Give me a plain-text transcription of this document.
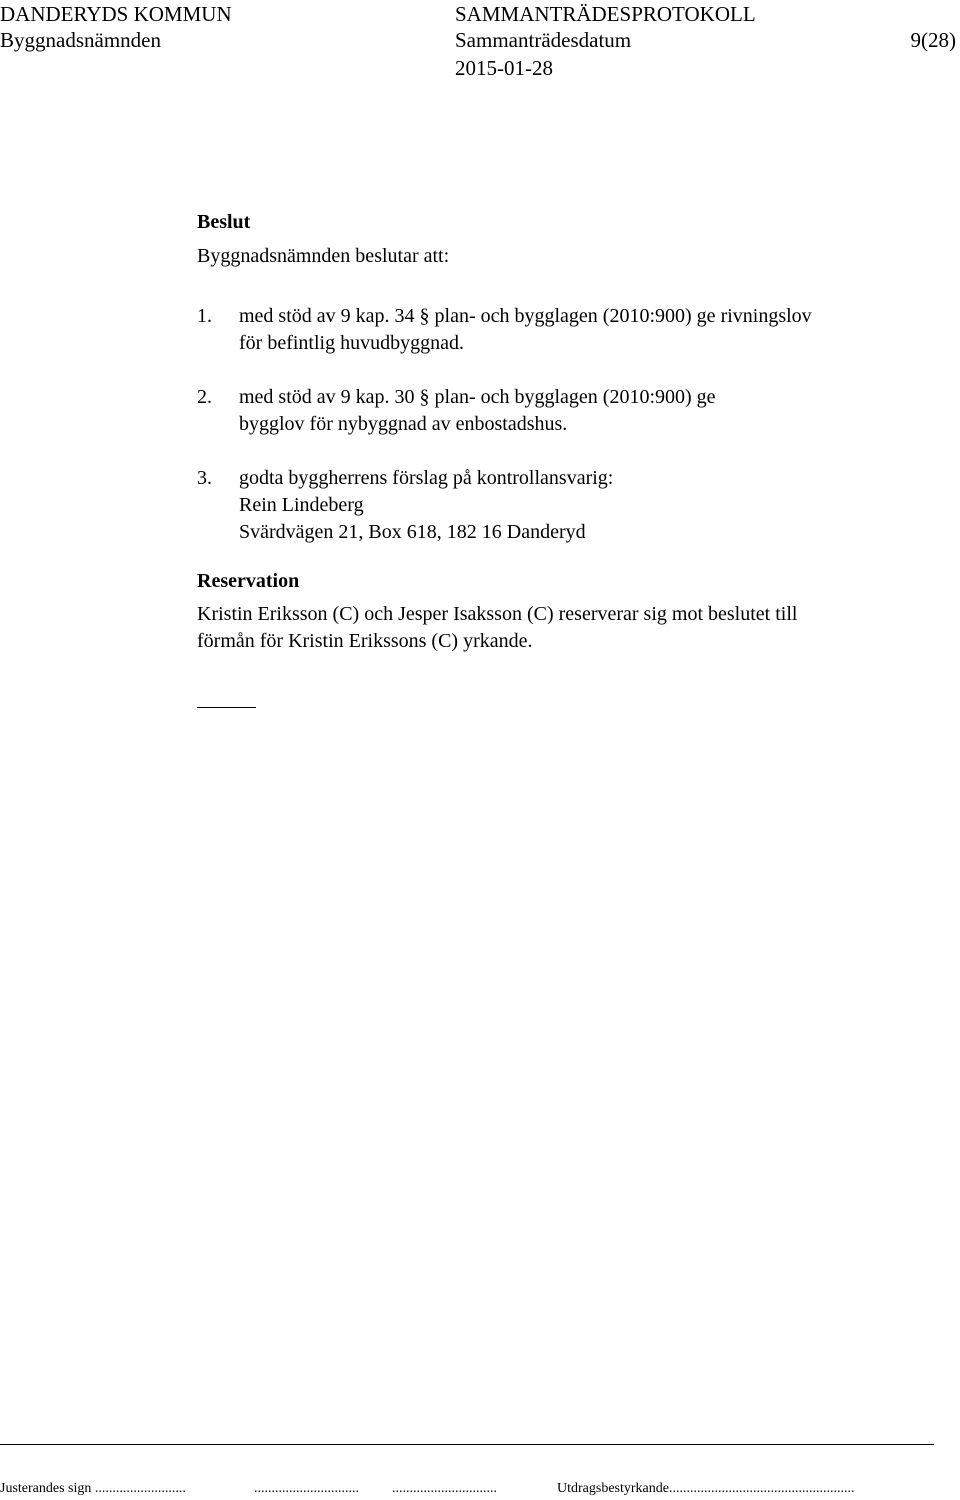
DANDERYDS KOMMUN
Byggnadsnämnden
SAMMANTRÄDESPROTOKOLL
Sammanträdesdatum
2015-01-28
9(28)
Beslut
Byggnadsnämnden beslutar att:
1. med stöd av 9 kap. 34 § plan- och bygglagen (2010:900) ge rivningslov
för befintlig huvudbyggnad.
2. med stöd av 9 kap. 30 § plan- och bygglagen (2010:900) ge
bygglov för nybyggnad av enbostadshus.
3. godta byggherrens förslag på kontrollansvarig:
Rein Lindeberg
Svärdvägen 21, Box 618, 182 16 Danderyd
Reservation
Kristin Eriksson (C) och Jesper Isaksson (C) reserverar sig mot beslutet till
förmån för Kristin Erikssons (C) yrkande.
Justerandes sign ..........................	.............................. ..............................	Utdragsbestyrkande.....................................................
